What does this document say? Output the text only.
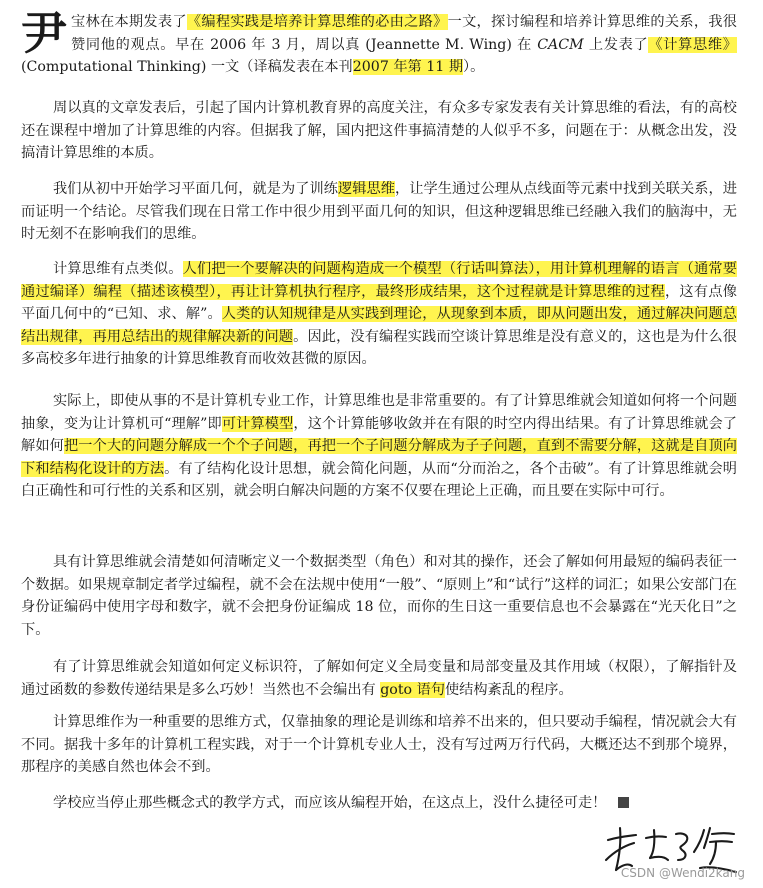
尹宝林在本期发表了《编程实践是培养计算思维的必由之路》一文，探讨编程和培养计算思维的关系，我很赞同他的观点。早在 2006 年 3 月，周以真 (Jeannette M. Wing) 在 CACM 上发表了《计算思维》(Computational Thinking) 一文（译稿发表在本刊2007 年第 11 期）。

周以真的文章发表后，引起了国内计算机教育界的高度关注，有众多专家发表有关计算思维的看法，有的高校还在课程中增加了计算思维的内容。但据我了解，国内把这件事搞清楚的人似乎不多，问题在于：从概念出发，没搞清计算思维的本质。

我们从初中开始学习平面几何，就是为了训练逻辑思维，让学生通过公理从点线面等元素中找到关联关系，进而证明一个结论。尽管我们现在日常工作中很少用到平面几何的知识，但这种逻辑思维已经融入我们的脑海中，无时无刻不在影响我们的思维。

计算思维有点类似。人们把一个要解决的问题构造成一个模型（行话叫算法），用计算机理解的语言（通常要通过编译）编程（描述该模型），再让计算机执行程序，最终形成结果，这个过程就是计算思维的过程，这有点像平面几何中的“已知、求、解”。人类的认知规律是从实践到理论，从现象到本质，即从问题出发，通过解决问题总结出规律，再用总结出的规律解决新的问题。因此，没有编程实践而空谈计算思维是没有意义的，这也是为什么很多高校多年进行抽象的计算思维教育而收效甚微的原因。

实际上，即使从事的不是计算机专业工作，计算思维也是非常重要的。有了计算思维就会知道如何将一个问题抽象，变为让计算机可“理解”即可计算模型，这个计算能够收敛并在有限的时空内得出结果。有了计算思维就会了解如何把一个大的问题分解成一个个子问题，再把一个子问题分解成为子子问题，直到不需要分解，这就是自顶向下和结构化设计的方法。有了结构化设计思想，就会简化问题，从而“分而治之，各个击破”。有了计算思维就会明白正确性和可行性的关系和区别，就会明白解决问题的方案不仅要在理论上正确，而且要在实际中可行。

具有计算思维就会清楚如何清晰定义一个数据类型（角色）和对其的操作，还会了解如何用最短的编码表征一个数据。如果规章制定者学过编程，就不会在法规中使用“一般”、“原则上”和“试行”这样的词汇；如果公安部门在身份证编码中使用字母和数字，就不会把身份证编成 18 位，而你的生日这一重要信息也不会暴露在“光天化日”之下。

有了计算思维就会知道如何定义标识符，了解如何定义全局变量和局部变量及其作用域（权限），了解指针及通过函数的参数传递结果是多么巧妙！当然也不会编出有 goto 语句使结构紊乱的程序。

计算思维作为一种重要的思维方式，仅靠抽象的理论是训练和培养不出来的，但只要动手编程，情况就会大有不同。据我十多年的计算机工程实践，对于一个计算机专业人士，没有写过两万行代码，大概还达不到那个境界，那程序的美感自然也体会不到。

学校应当停止那些概念式的教学方式，而应该从编程开始，在这点上，没什么捷径可走！

CSDN @Wendi2kang
